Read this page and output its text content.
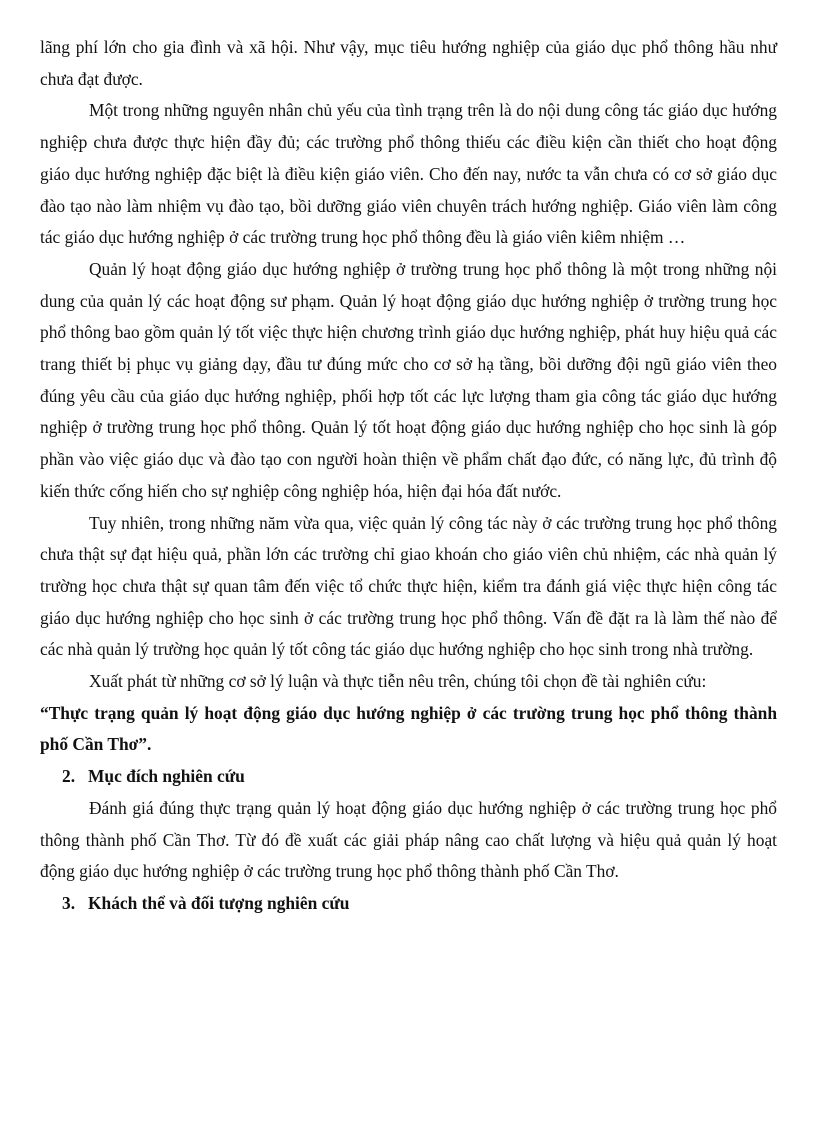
lãng phí lớn cho gia đình và xã hội. Như vậy, mục tiêu hướng nghiệp của giáo dục phổ thông hầu như chưa đạt được.

Một trong những nguyên nhân chủ yếu của tình trạng trên là do nội dung công tác giáo dục hướng nghiệp chưa được thực hiện đầy đủ; các trường phổ thông thiếu các điều kiện cần thiết cho hoạt động giáo dục hướng nghiệp đặc biệt là điều kiện giáo viên. Cho đến nay, nước ta vẫn chưa có cơ sở giáo dục đào tạo nào làm nhiệm vụ đào tạo, bồi dưỡng giáo viên chuyên trách hướng nghiệp. Giáo viên làm công tác giáo dục hướng nghiệp ở các trường trung học phổ thông đều là giáo viên kiêm nhiệm …

Quản lý hoạt động giáo dục hướng nghiệp ở trường trung học phổ thông là một trong những nội dung của quản lý các hoạt động sư phạm. Quản lý hoạt động giáo dục hướng nghiệp ở trường trung học phổ thông bao gồm quản lý tốt việc thực hiện chương trình giáo dục hướng nghiệp, phát huy hiệu quả các trang thiết bị phục vụ giảng dạy, đầu tư đúng mức cho cơ sở hạ tầng, bồi dưỡng đội ngũ giáo viên theo đúng yêu cầu của giáo dục hướng nghiệp, phối hợp tốt các lực lượng tham gia công tác giáo dục hướng nghiệp ở trường trung học phổ thông. Quản lý tốt hoạt động giáo dục hướng nghiệp cho học sinh là góp phần vào việc giáo dục và đào tạo con người hoàn thiện về phẩm chất đạo đức, có năng lực, đủ trình độ kiến thức cống hiến cho sự nghiệp công nghiệp hóa, hiện đại hóa đất nước.

Tuy nhiên, trong những năm vừa qua, việc quản lý công tác này ở các trường trung học phổ thông chưa thật sự đạt hiệu quả, phần lớn các trường chỉ giao khoán cho giáo viên chủ nhiệm, các nhà quản lý trường học chưa thật sự quan tâm đến việc tổ chức thực hiện, kiểm tra đánh giá việc thực hiện công tác giáo dục hướng nghiệp cho học sinh ở các trường trung học phổ thông. Vấn đề đặt ra là làm thế nào để các nhà quản lý trường học quản lý tốt công tác giáo dục hướng nghiệp cho học sinh trong nhà trường.

Xuất phát từ những cơ sở lý luận và thực tiễn nêu trên, chúng tôi chọn đề tài nghiên cứu:

“Thực trạng quản lý hoạt động giáo dục hướng nghiệp ở các trường trung học phổ thông thành phố Cần Thơ”.

2. Mục đích nghiên cứu

Đánh giá đúng thực trạng quản lý hoạt động giáo dục hướng nghiệp ở các trường trung học phổ thông thành phố Cần Thơ. Từ đó đề xuất các giải pháp nâng cao chất lượng và hiệu quả quản lý hoạt động giáo dục hướng nghiệp ở các trường trung học phổ thông thành phố Cần Thơ.

3. Khách thể và đối tượng nghiên cứu
